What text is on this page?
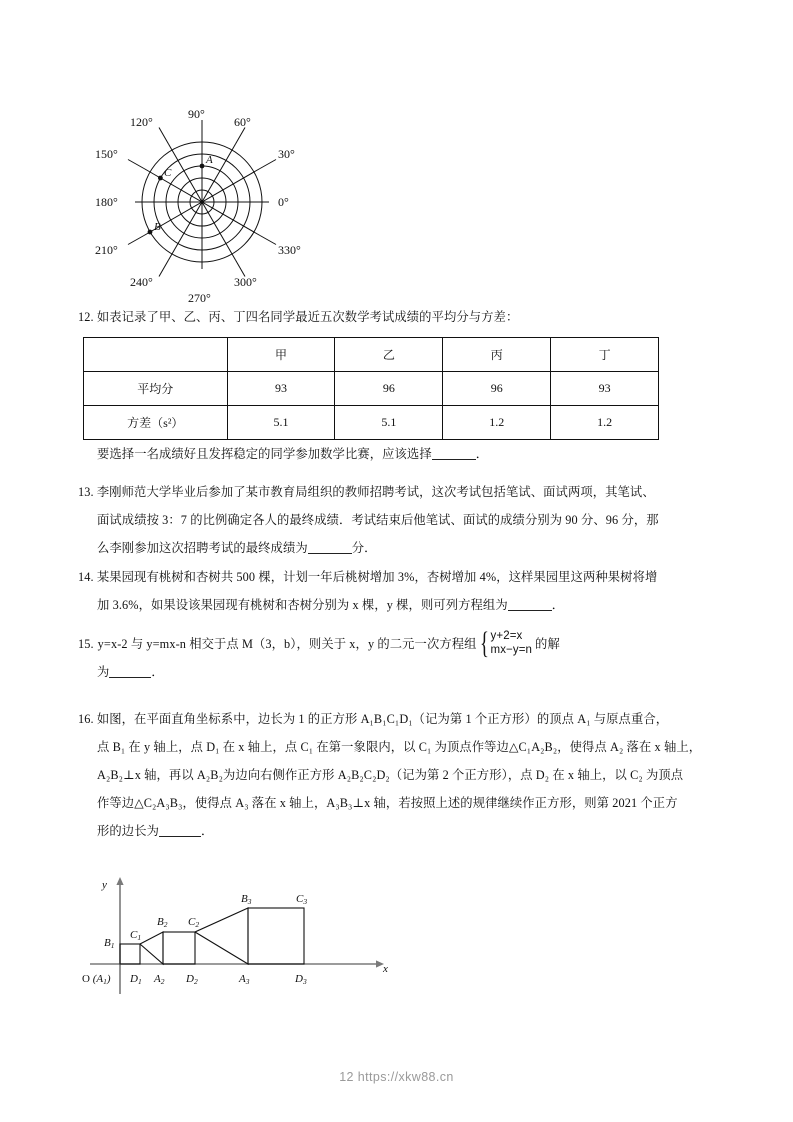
A
C
B
90°
120°	60°
150°	30°
180°	0°
210°	330°
240°	300°
270°
12. 如表记录了甲、乙、丙、丁四名同学最近五次数学考试成绩的平均分与方差：
	甲	乙	丙	丁
平均分	93	96	96	93
方差（s²）	5.1	5.1	1.2	1.2
要选择一名成绩好且发挥稳定的同学参加数学比赛，应该选择	．
13. 李刚师范大学毕业后参加了某市教育局组织的教师招聘考试，这次考试包括笔试、面试两项，其笔试、
面试成绩按 3：7 的比例确定各人的最终成绩．考试结束后他笔试、面试的成绩分别为 90 分、96 分，那
么李刚参加这次招聘考试的最终成绩为	分．
14. 某果园现有桃树和杏树共 500 棵，计划一年后桃树增加 3%，杏树增加 4%，这样果园里这两种果树将增
加 3.6%，如果设该果园现有桃树和杏树分别为 x 棵，y 棵，则可列方程组为	．
15. y=x‑2 与 y=mx‑n 相交于点 M（3，b），则关于 x，y 的二元一次方程组 { y+2=x
mx−y=n 的解
为	．
16. 如图，在平面直角坐标系中，边长为 1 的正方形 A₁B₁C₁D₁（记为第 1 个正方形）的顶点 A₁ 与原点重合，
点 B₁ 在 y 轴上，点 D₁ 在 x 轴上，点 C₁ 在第一象限内，以 C₁ 为顶点作等边△C₁A₂B₂，使得点 A₂ 落在 x 轴上，
A₂B₂⊥x 轴，再以 A₂B₂为边向右侧作正方形 A₂B₂C₂D₂（记为第 2 个正方形），点 D₂ 在 x 轴上，以 C₂ 为顶点
作等边△C₂A₃B₃，使得点 A₃ 落在 x 轴上，A₃B₃⊥x 轴，若按照上述的规律继续作正方形，则第 2021 个正方
形的边长为	．
y
x
O (A1)
B1
C1
D1 A2
B2 C2
D2	A3
B3	C3
D3
12 https://xkw88.cn
